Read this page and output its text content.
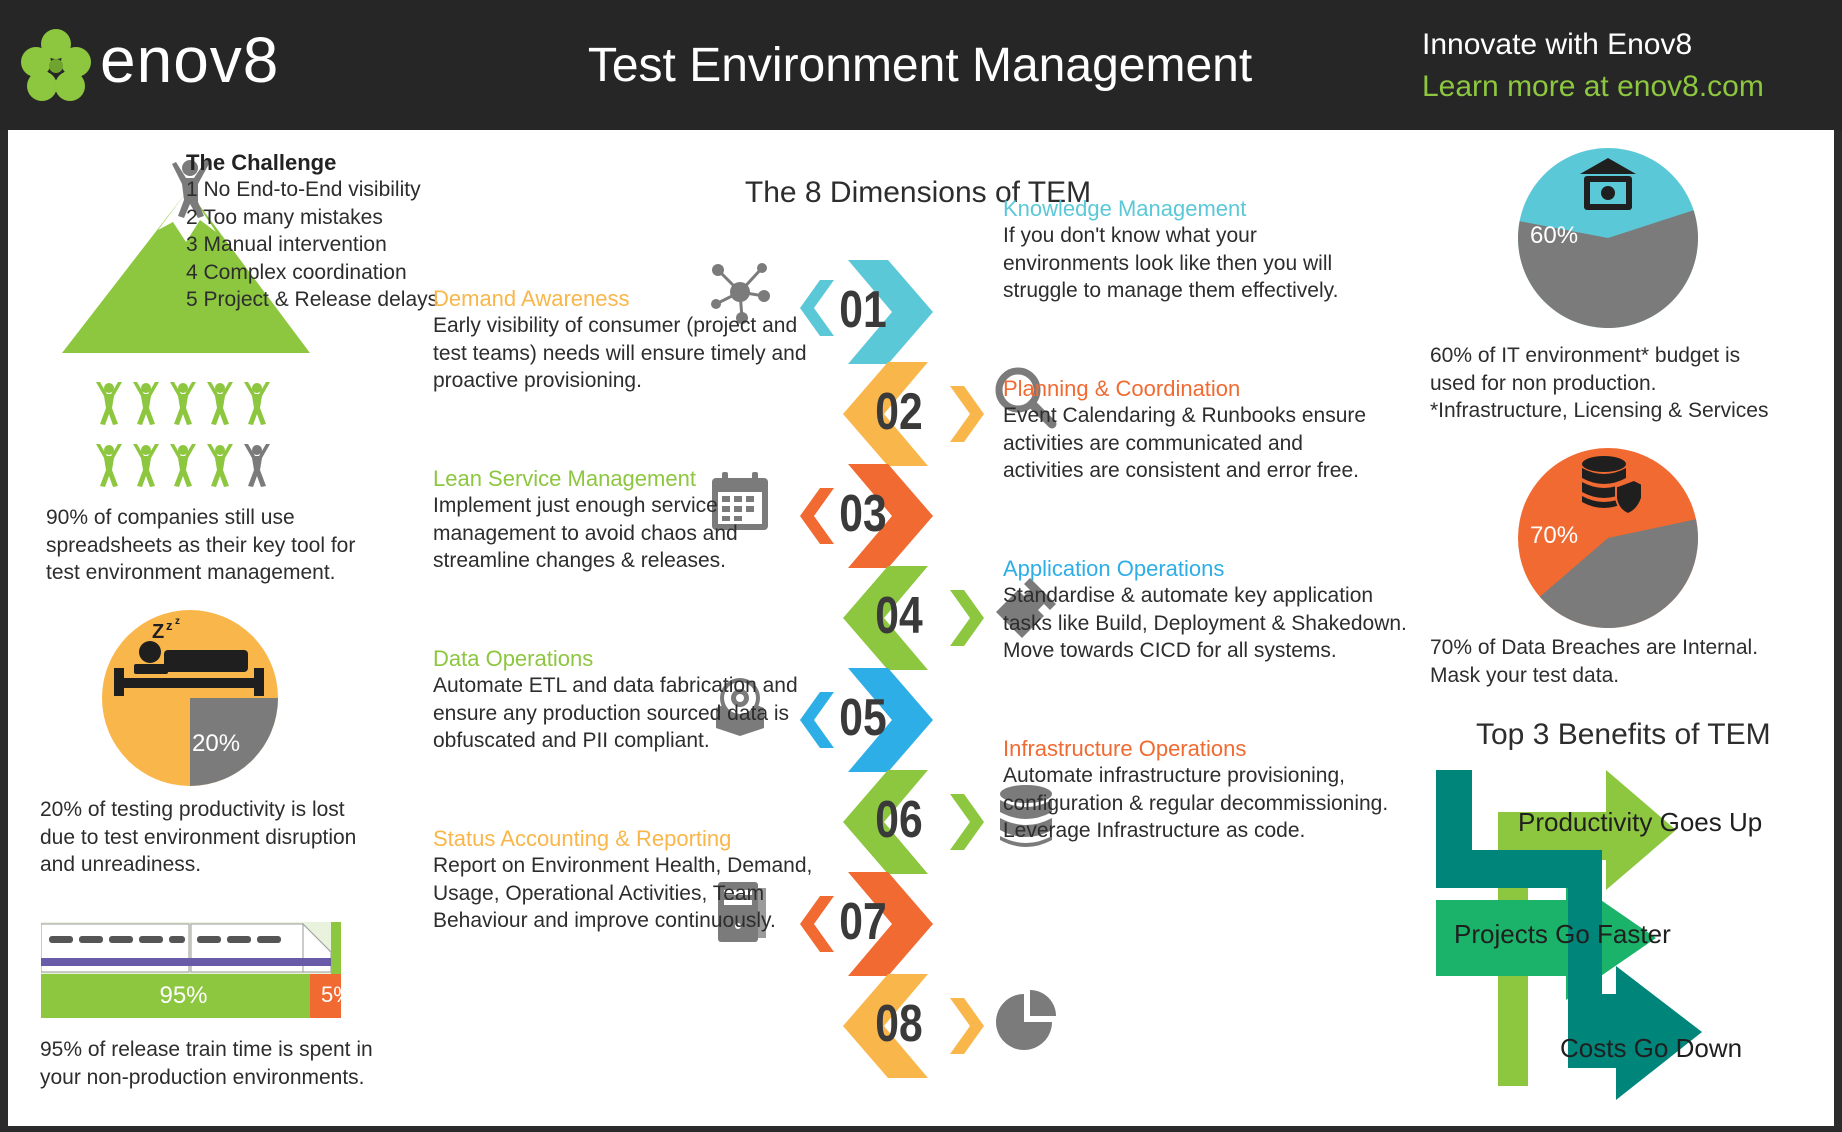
enov8	Test Environment Management	Innovate with Enov8
Learn more at enov8.com
The Challenge
1 No End-to-End visibility
2 Too many mistakes
3 Manual intervention
4 Complex coordination
5 Project & Release delays
90% of companies still use spreadsheets as their key tool for test environment management.
Z z z
20%
20% of testing productivity is lost due to test environment disruption and unreadiness.
95%	5%
95% of release train time is spent in your non-production environments.
The 8 Dimensions of TEM
01
02
03
04
05
06
07
08
Knowledge Management
If you don't know what your environments look like then you will struggle to manage them effectively.
Planning & Coordination
Event Calendaring & Runbooks ensure activities are communicated and activities are consistent and error free.
Application Operations
Standardise & automate key application tasks like Build, Deployment & Shakedown. Move towards CICD for all systems.
Infrastructure Operations
Automate infrastructure provisioning, configuration & regular decommissioning. Leverage Infrastructure as code.
Demand Awareness
Early visibility of consumer (project and test teams) needs will ensure timely and proactive provisioning.
Lean Service Management
Implement just enough service management to avoid chaos and streamline changes & releases.
Data Operations
Automate ETL and data fabrication and ensure any production sourced data is obfuscated and PII compliant.
Status Accounting & Reporting
Report on Environment Health, Demand, Usage, Operational Activities, Team Behaviour and improve continuously.
60%
60% of IT environment* budget is used for non production. *Infrastructure, Licensing & Services
70%
70% of Data Breaches are Internal. Mask your test data.
Top 3 Benefits of TEM
Productivity Goes Up
Projects Go Faster
Costs Go Down
